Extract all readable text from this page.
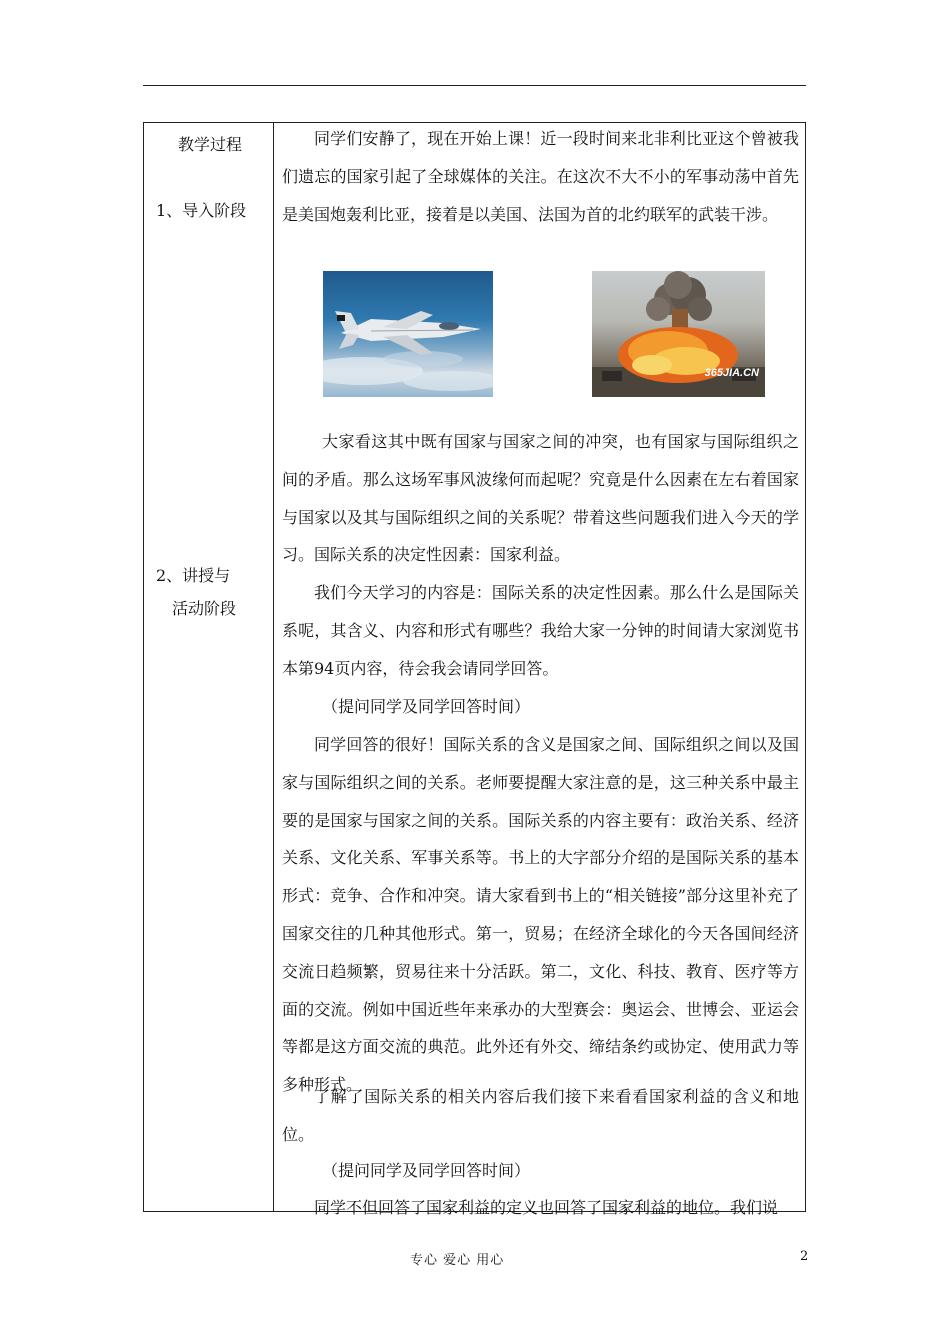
教学过程
1、导入阶段
2、讲授与
活动阶段

同学们安静了，现在开始上课！近一段时间来北非利比亚这个曾被我们遗忘的国家引起了全球媒体的关注。在这次不大不小的军事动荡中首先是美国炮轰利比亚，接着是以美国、法国为首的北约联军的武装干涉。

365JIA.CN

大家看这其中既有国家与国家之间的冲突，也有国家与国际组织之间的矛盾。那么这场军事风波缘何而起呢？究竟是什么因素在左右着国家与国家以及其与国际组织之间的关系呢？带着这些问题我们进入今天的学习。国际关系的决定性因素：国家利益。

我们今天学习的内容是：国际关系的决定性因素。那么什么是国际关系呢，其含义、内容和形式有哪些？我给大家一分钟的时间请大家浏览书本第94页内容，待会我会请同学回答。

（提问同学及同学回答时间）

同学回答的很好！国际关系的含义是国家之间、国际组织之间以及国家与国际组织之间的关系。老师要提醒大家注意的是，这三种关系中最主要的是国家与国家之间的关系。国际关系的内容主要有：政治关系、经济关系、文化关系、军事关系等。书上的大字部分介绍的是国际关系的基本形式：竞争、合作和冲突。请大家看到书上的“相关链接”部分这里补充了国家交往的几种其他形式。第一，贸易；在经济全球化的今天各国间经济交流日趋频繁，贸易往来十分活跃。第二，文化、科技、教育、医疗等方面的交流。例如中国近些年来承办的大型赛会：奥运会、世博会、亚运会等都是这方面交流的典范。此外还有外交、缔结条约或协定、使用武力等多种形式。

了解了国际关系的相关内容后我们接下来看看国家利益的含义和地位。

（提问同学及同学回答时间）

同学不但回答了国家利益的定义也回答了国家利益的地位。我们说

专心 爱心 用心	2
